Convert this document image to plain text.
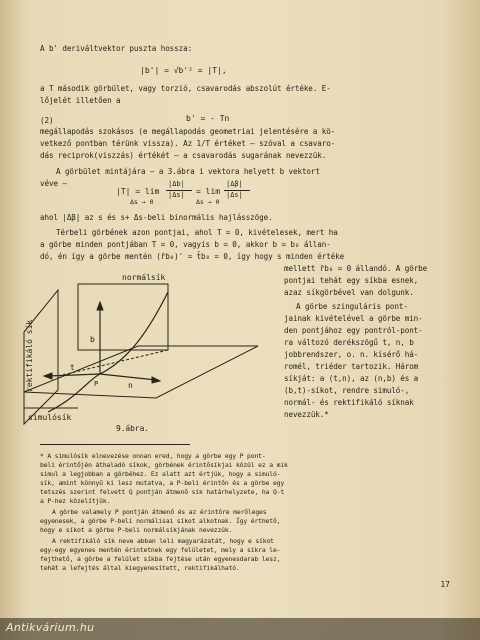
A b' deriváltvektor puszta hossza:
a T második görbület, vagy torzió, csavarodás abszolút értéke. E-
lőjelét illetően a
(2)
megállapodás szokásos (e megállapodás geometriai jelentésére a kö-
vetkező pontban térünk vissza). Az 1/T értéket — szóval a csavaro-
dás reciprok(viszzás) értékét — a csavarodás sugarának nevezzük.
A görbület mintájára — a 3.ábra i vektora helyett b vektort
véve —
ahol |Δβ| az s és s+ Δs-beli binormális hajlásszöge.
Térbeli görbének azon pontjai, ahol T = 0, kivételesek, mert ha
a görbe minden pontjában T = 0, vagyis b = 0, akkor b = b₀ állan-
dó, én így a görbe mentén (r̄b₀)' = t̄b₀ = 0, így hogy s minden értéke
mellett r̄b₀ = 0 állandó. A görbe
pontjai tehát egy síkba esnek,
azaz síkgörbével van dolgunk.
A görbe szinguláris pont-
jainak kivételével a görbe min-
den pontjához egy pontról-pont-
ra változó derékszögű t, n, b
jobbrendszer, o. n. kísérő há-
romél, triéder tartozik. Három
síkját: a (t,n), az (n,b) és a
(b,t)-síkot, rendre simuló-,
normál- és rektifikáló síknak
nevezzük.*
|b'| = √b'² = |T|,
b' = - Tn
|T| = lim
|Δb|
|Δs| = lim
|Δβ|
|Δs|
Δs → 0	Δs → 0
normálsík
rektifikáló sík
simulósík
b
t
n
P
9.ábra.
* A simulósík elnevezése onnan ered, hogy a görbe egy P pont-
beli érintőjén áthaladó síkok, görbének érintősíkjai közül ez a mik
simul a legjobban a görbéhez. Ez alatt azt értjük, hogy a simuló-
sík, amint könnyű ki lesz mutatva, a P-beli érintőn és a görbe egy
tetszés szerint felvett Q pontján átmenő sík határhelyzete, ha Q-t
a P-hez közelítjük.
A görbe valamely P pontján átmenő és az érintőre merőleges
egyenesek, a görbe P-beli normálisai síkot alkotnak. Így érthető,
hogy e síkot a görbe P-beli normálsíkjának nevezzük.
A rektifikáló sík neve abban leli magyarázatát, hogy e síkot
egy-egy egyenes mentén érintetnek egy felületet, mely a síkra le-
fejthető, a görbe a felület síkba fejtése után egyenesdarab lesz,
tehát a lefejtés által kiegyenesített, rektifikálható.
17
Antikvárium.hu
